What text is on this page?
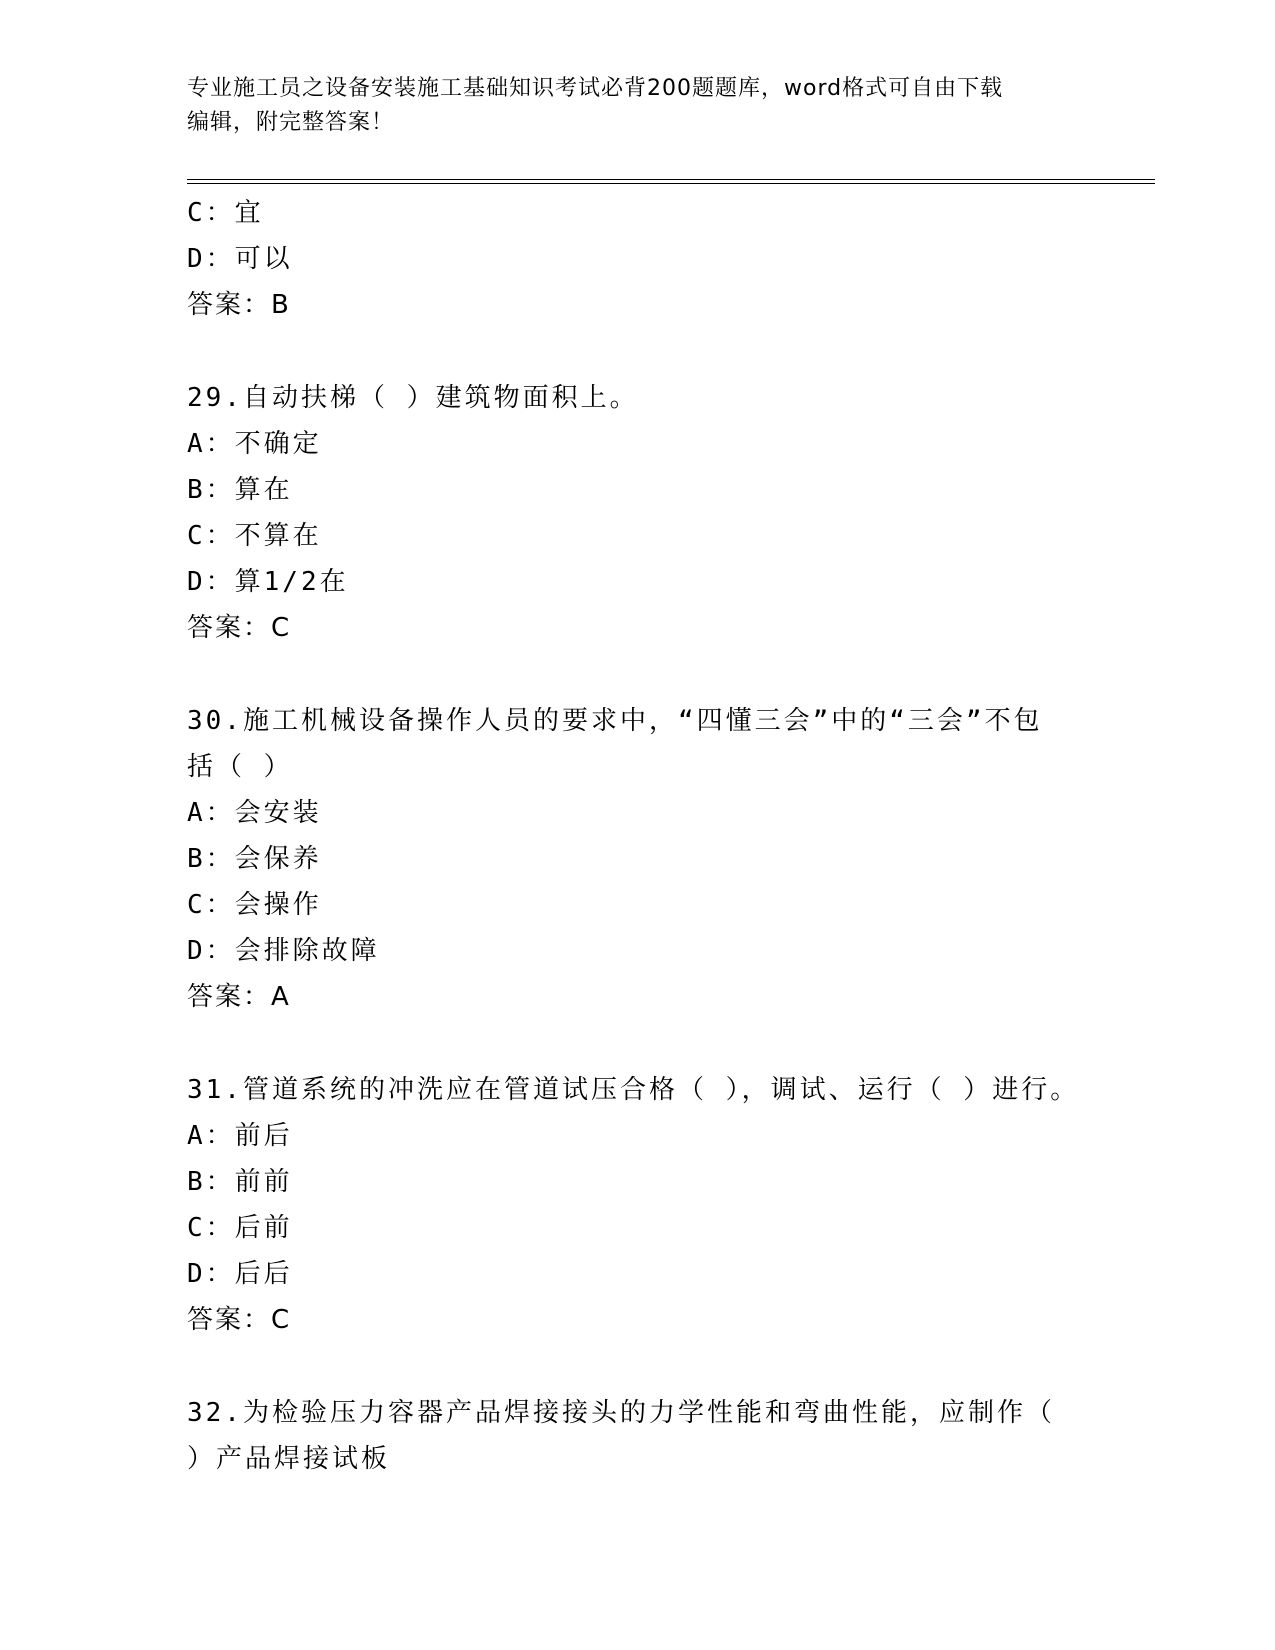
专业施工员之设备安装施工基础知识考试必背200题题库，word格式可自由下载
编辑，附完整答案！
C：宜
D：可以
答案：B
29.自动扶梯（ ）建筑物面积上。
A：不确定
B：算在
C：不算在
D：算1/2在
答案：C
30.施工机械设备操作人员的要求中，“四懂三会”中的“三会”不包
括（ ）
A：会安装
B：会保养
C：会操作
D：会排除故障
答案：A
31.管道系统的冲洗应在管道试压合格（ ），调试、运行（ ）进行。
A：前后
B：前前
C：后前
D：后后
答案：C
32.为检验压力容器产品焊接接头的力学性能和弯曲性能，应制作（
）产品焊接试板
